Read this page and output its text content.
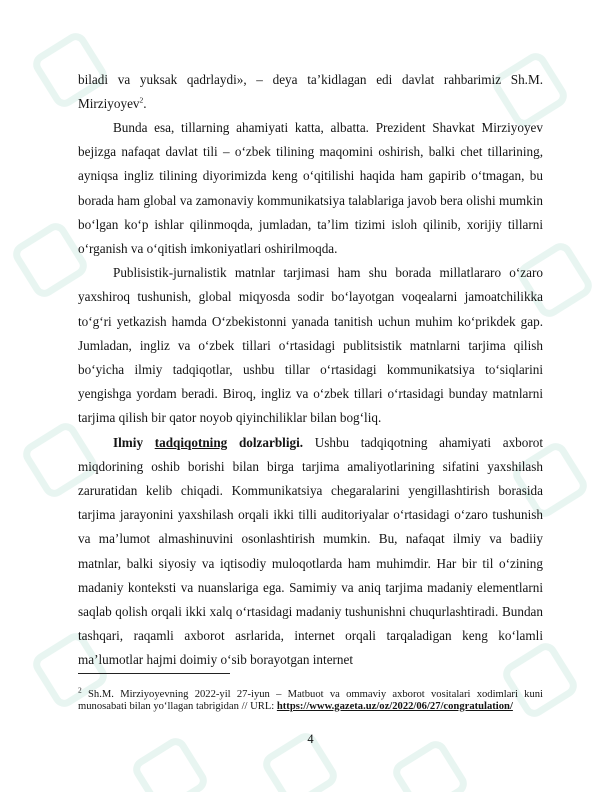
biladi va yuksak qadrlaydi», – deya ta’kidlagan edi davlat rahbarimiz Sh.M. Mirziyoyev$^2$.

Bunda esa, tillarning ahamiyati katta, albatta. Prezident Shavkat Mirziyoyev bejizga nafaqat davlat tili – o‘zbek tilining maqomini oshirish, balki chet tillarining, ayniqsa ingliz tilining diyorimizda keng o‘qitilishi haqida ham gapirib o‘tmagan, bu borada ham global va zamonaviy kommunikatsiya talablariga javob bera olishi mumkin bo‘lgan ko‘p ishlar qilinmoqda, jumladan, ta’lim tizimi isloh qilinib, xorijiy tillarni o‘rganish va o‘qitish imkoniyatlari oshirilmoqda.

Publisistik-jurnalistik matnlar tarjimasi ham shu borada millatlararo o‘zaro yaxshiroq tushunish, global miqyosda sodir bo‘layotgan voqealarni jamoatchilikka to‘g‘ri yetkazish hamda O‘zbekistonni yanada tanitish uchun muhim ko‘prikdek gap. Jumladan, ingliz va o‘zbek tillari o‘rtasidagi publitsistik matnlarni tarjima qilish bo‘yicha ilmiy tadqiqotlar, ushbu tillar o‘rtasidagi kommunikatsiya to‘siqlarini yengishga yordam beradi. Biroq, ingliz va o‘zbek tillari o‘rtasidagi bunday matnlarni tarjima qilish bir qator noyob qiyinchiliklar bilan bog‘liq.

Ilmiy tadqiqotning dolzarbligi. Ushbu tadqiqotning ahamiyati axborot miqdorining oshib borishi bilan birga tarjima amaliyotlarining sifatini yaxshilash zaruratidan kelib chiqadi. Kommunikatsiya chegaralarini yengillashtirish borasida tarjima jarayonini yaxshilash orqali ikki tilli auditoriyalar o‘rtasidagi o‘zaro tushunish va ma’lumot almashinuvini osonlashtirish mumkin. Bu, nafaqat ilmiy va badiiy matnlar, balki siyosiy va iqtisodiy muloqotlarda ham muhimdir. Har bir til o‘zining madaniy konteksti va nuanslariga ega. Samimiy va aniq tarjima madaniy elementlarni saqlab qolish orqali ikki xalq o‘rtasidagi madaniy tushunishni chuqurlashtiradi. Bundan tashqari, raqamli axborot asrlarida, internet orqali tarqaladigan keng ko‘lamli ma’lumotlar hajmi doimiy o‘sib borayotgan internet

$^2$ Sh.M. Mirziyoyevning 2022-yil 27-iyun – Matbuot va ommaviy axborot vositalari xodimlari kuni munosabati bilan yo‘llagan tabrigidan // URL: https://www.gazeta.uz/oz/2022/06/27/congratulation/

4
